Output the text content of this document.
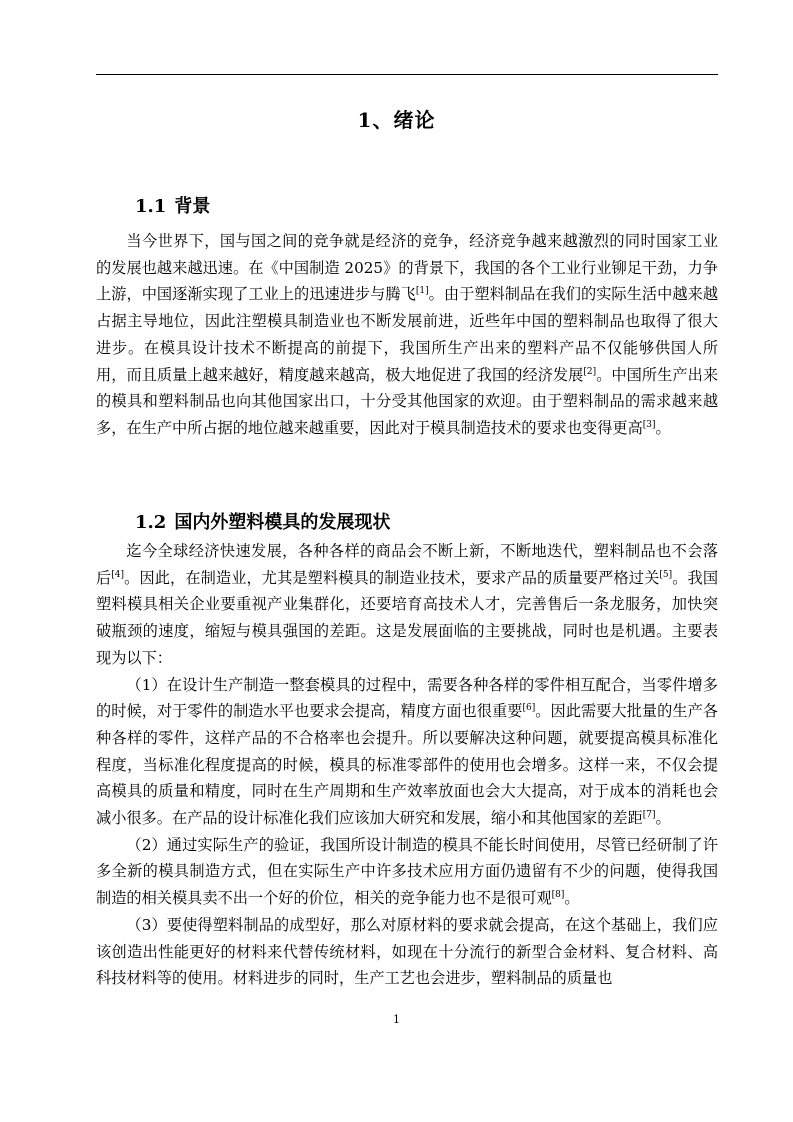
1、绪论
1.1 背景

当今世界下，国与国之间的竞争就是经济的竞争，经济竞争越来越激烈的同时国家工业的发展也越来越迅速。在《中国制造 2025》的背景下，我国的各个工业行业铆足干劲，力争上游，中国逐渐实现了工业上的迅速进步与腾飞[1]。由于塑料制品在我们的实际生活中越来越占据主导地位，因此注塑模具制造业也不断发展前进，近些年中国的塑料制品也取得了很大进步。在模具设计技术不断提高的前提下，我国所生产出来的塑料产品不仅能够供国人所用，而且质量上越来越好，精度越来越高，极大地促进了我国的经济发展[2]。中国所生产出来的模具和塑料制品也向其他国家出口，十分受其他国家的欢迎。由于塑料制品的需求越来越多，在生产中所占据的地位越来越重要，因此对于模具制造技术的要求也变得更高[3]。

1.2 国内外塑料模具的发展现状

迄今全球经济快速发展，各种各样的商品会不断上新，不断地迭代，塑料制品也不会落后[4]。因此，在制造业，尤其是塑料模具的制造业技术，要求产品的质量要严格过关[5]。我国塑料模具相关企业要重视产业集群化，还要培育高技术人才，完善售后一条龙服务，加快突破瓶颈的速度，缩短与模具强国的差距。这是发展面临的主要挑战，同时也是机遇。主要表现为以下：

（1）在设计生产制造一整套模具的过程中，需要各种各样的零件相互配合，当零件增多的时候，对于零件的制造水平也要求会提高，精度方面也很重要[6]。因此需要大批量的生产各种各样的零件，这样产品的不合格率也会提升。所以要解决这种问题，就要提高模具标准化程度，当标准化程度提高的时候，模具的标准零部件的使用也会增多。这样一来，不仅会提高模具的质量和精度，同时在生产周期和生产效率放面也会大大提高，对于成本的消耗也会减小很多。在产品的设计标准化我们应该加大研究和发展，缩小和其他国家的差距[7]。

（2）通过实际生产的验证，我国所设计制造的模具不能长时间使用，尽管已经研制了许多全新的模具制造方式，但在实际生产中许多技术应用方面仍遗留有不少的问题，使得我国制造的相关模具卖不出一个好的价位，相关的竞争能力也不是很可观[8]。

（3）要使得塑料制品的成型好，那么对原材料的要求就会提高，在这个基础上，我们应该创造出性能更好的材料来代替传统材料，如现在十分流行的新型合金材料、复合材料、高科技材料等的使用。材料进步的同时，生产工艺也会进步，塑料制品的质量也

1
